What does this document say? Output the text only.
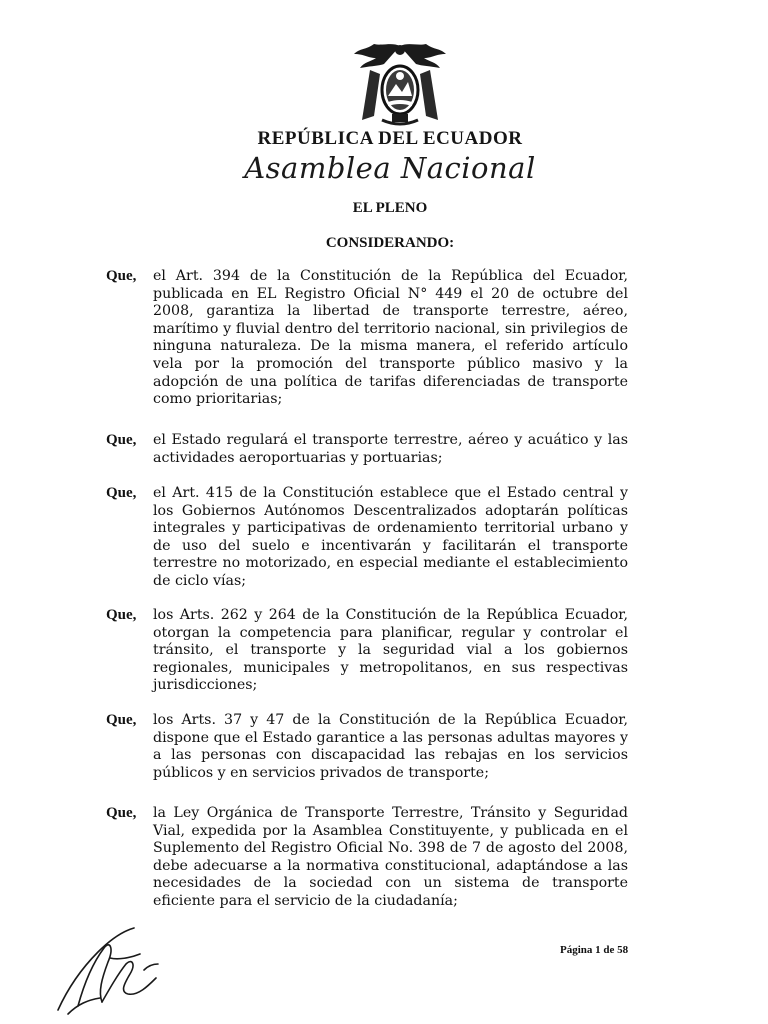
REPÚBLICA DEL ECUADOR
Asamblea Nacional
EL PLENO
CONSIDERANDO:
Que, el Art. 394 de la Constitución de la República del Ecuador, publicada en EL Registro Oficial N° 449 el 20 de octubre del 2008, garantiza la libertad de transporte terrestre, aéreo, marítimo y fluvial dentro del territorio nacional, sin privilegios de ninguna naturaleza. De la misma manera, el referido artículo vela por la promoción del transporte público masivo y la adopción de una política de tarifas diferenciadas de transporte como prioritarias;
Que, el Estado regulará el transporte terrestre, aéreo y acuático y las actividades aeroportuarias y portuarias;
Que, el Art. 415 de la Constitución establece que el Estado central y los Gobiernos Autónomos Descentralizados adoptarán políticas integrales y participativas de ordenamiento territorial urbano y de uso del suelo e incentivarán y facilitarán el transporte terrestre no motorizado, en especial mediante el establecimiento de ciclo vías;
Que, los Arts. 262 y 264 de la Constitución de la República Ecuador, otorgan la competencia para planificar, regular y controlar el tránsito, el transporte y la seguridad vial a los gobiernos regionales, municipales y metropolitanos, en sus respectivas jurisdicciones;
Que, los Arts. 37 y 47 de la Constitución de la República Ecuador, dispone que el Estado garantice a las personas adultas mayores y a las personas con discapacidad las rebajas en los servicios públicos y en servicios privados de transporte;
Que, la Ley Orgánica de Transporte Terrestre, Tránsito y Seguridad Vial, expedida por la Asamblea Constituyente, y publicada en el Suplemento del Registro Oficial No. 398 de 7 de agosto del 2008, debe adecuarse a la normativa constitucional, adaptándose a las necesidades de la sociedad con un sistema de transporte eficiente para el servicio de la ciudadanía;
Página 1 de 58
